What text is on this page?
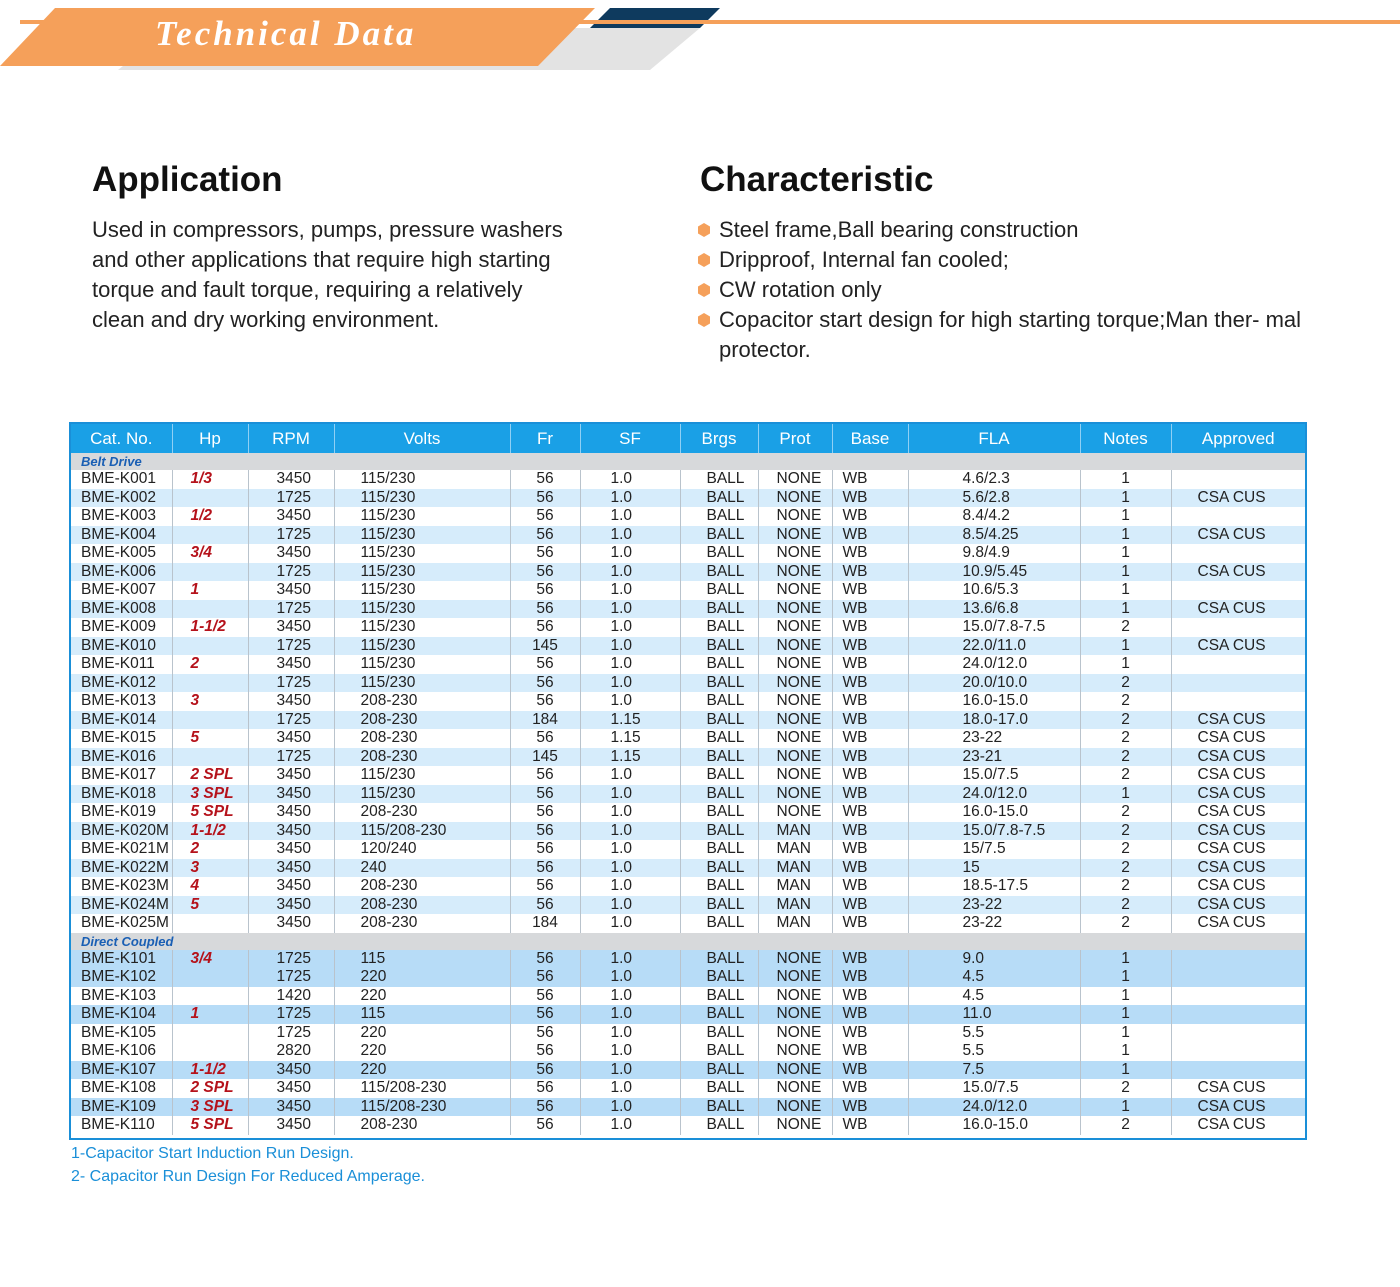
Technical Data
Application

Used in compressors, pumps, pressure washers and other applications that require high starting torque and fault torque, requiring a relatively clean and dry working environment.

Characteristic
Steel frame,Ball bearing construction
Dripproof, Internal fan cooled;
CW rotation only
Copacitor start design for high starting torque;Man ther- mal protector.
Cat. No.	Hp	RPM	Volts	Fr	SF	Brgs	Prot	Base	FLA	Notes	Approved
Belt Drive											
BME-K001	1/3	3450	115/230	56	1.0	BALL	NONE	WB	4.6/2.3	1	
BME-K002		1725	115/230	56	1.0	BALL	NONE	WB	5.6/2.8	1	CSA CUS
BME-K003	1/2	3450	115/230	56	1.0	BALL	NONE	WB	8.4/4.2	1	
BME-K004		1725	115/230	56	1.0	BALL	NONE	WB	8.5/4.25	1	CSA CUS
BME-K005	3/4	3450	115/230	56	1.0	BALL	NONE	WB	9.8/4.9	1	
BME-K006		1725	115/230	56	1.0	BALL	NONE	WB	10.9/5.45	1	CSA CUS
BME-K007	1	3450	115/230	56	1.0	BALL	NONE	WB	10.6/5.3	1	
BME-K008		1725	115/230	56	1.0	BALL	NONE	WB	13.6/6.8	1	CSA CUS
BME-K009	1-1/2	3450	115/230	56	1.0	BALL	NONE	WB	15.0/7.8-7.5	2	
BME-K010		1725	115/230	145	1.0	BALL	NONE	WB	22.0/11.0	1	CSA CUS
BME-K011	2	3450	115/230	56	1.0	BALL	NONE	WB	24.0/12.0	1	
BME-K012		1725	115/230	56	1.0	BALL	NONE	WB	20.0/10.0	2	
BME-K013	3	3450	208-230	56	1.0	BALL	NONE	WB	16.0-15.0	2	
BME-K014		1725	208-230	184	1.15	BALL	NONE	WB	18.0-17.0	2	CSA CUS
BME-K015	5	3450	208-230	56	1.15	BALL	NONE	WB	23-22	2	CSA CUS
BME-K016		1725	208-230	145	1.15	BALL	NONE	WB	23-21	2	CSA CUS
BME-K017	2 SPL	3450	115/230	56	1.0	BALL	NONE	WB	15.0/7.5	2	CSA CUS
BME-K018	3 SPL	3450	115/230	56	1.0	BALL	NONE	WB	24.0/12.0	1	CSA CUS
BME-K019	5 SPL	3450	208-230	56	1.0	BALL	NONE	WB	16.0-15.0	2	CSA CUS
BME-K020M	1-1/2	3450	115/208-230	56	1.0	BALL	MAN	WB	15.0/7.8-7.5	2	CSA CUS
BME-K021M	2	3450	120/240	56	1.0	BALL	MAN	WB	15/7.5	2	CSA CUS
BME-K022M	3	3450	240	56	1.0	BALL	MAN	WB	15	2	CSA CUS
BME-K023M	4	3450	208-230	56	1.0	BALL	MAN	WB	18.5-17.5	2	CSA CUS
BME-K024M	5	3450	208-230	56	1.0	BALL	MAN	WB	23-22	2	CSA CUS
BME-K025M		3450	208-230	184	1.0	BALL	MAN	WB	23-22	2	CSA CUS
Direct Coupled											
BME-K101	3/4	1725	115	56	1.0	BALL	NONE	WB	9.0	1	
BME-K102		1725	220	56	1.0	BALL	NONE	WB	4.5	1	
BME-K103		1420	220	56	1.0	BALL	NONE	WB	4.5	1	
BME-K104	1	1725	115	56	1.0	BALL	NONE	WB	11.0	1	
BME-K105		1725	220	56	1.0	BALL	NONE	WB	5.5	1	
BME-K106		2820	220	56	1.0	BALL	NONE	WB	5.5	1	
BME-K107	1-1/2	3450	220	56	1.0	BALL	NONE	WB	7.5	1	
BME-K108	2 SPL	3450	115/208-230	56	1.0	BALL	NONE	WB	15.0/7.5	2	CSA CUS
BME-K109	3 SPL	3450	115/208-230	56	1.0	BALL	NONE	WB	24.0/12.0	1	CSA CUS
BME-K110	5 SPL	3450	208-230	56	1.0	BALL	NONE	WB	16.0-15.0	2	CSA CUS

1-Capacitor Start Induction Run Design.

2- Capacitor Run Design For Reduced Amperage.
